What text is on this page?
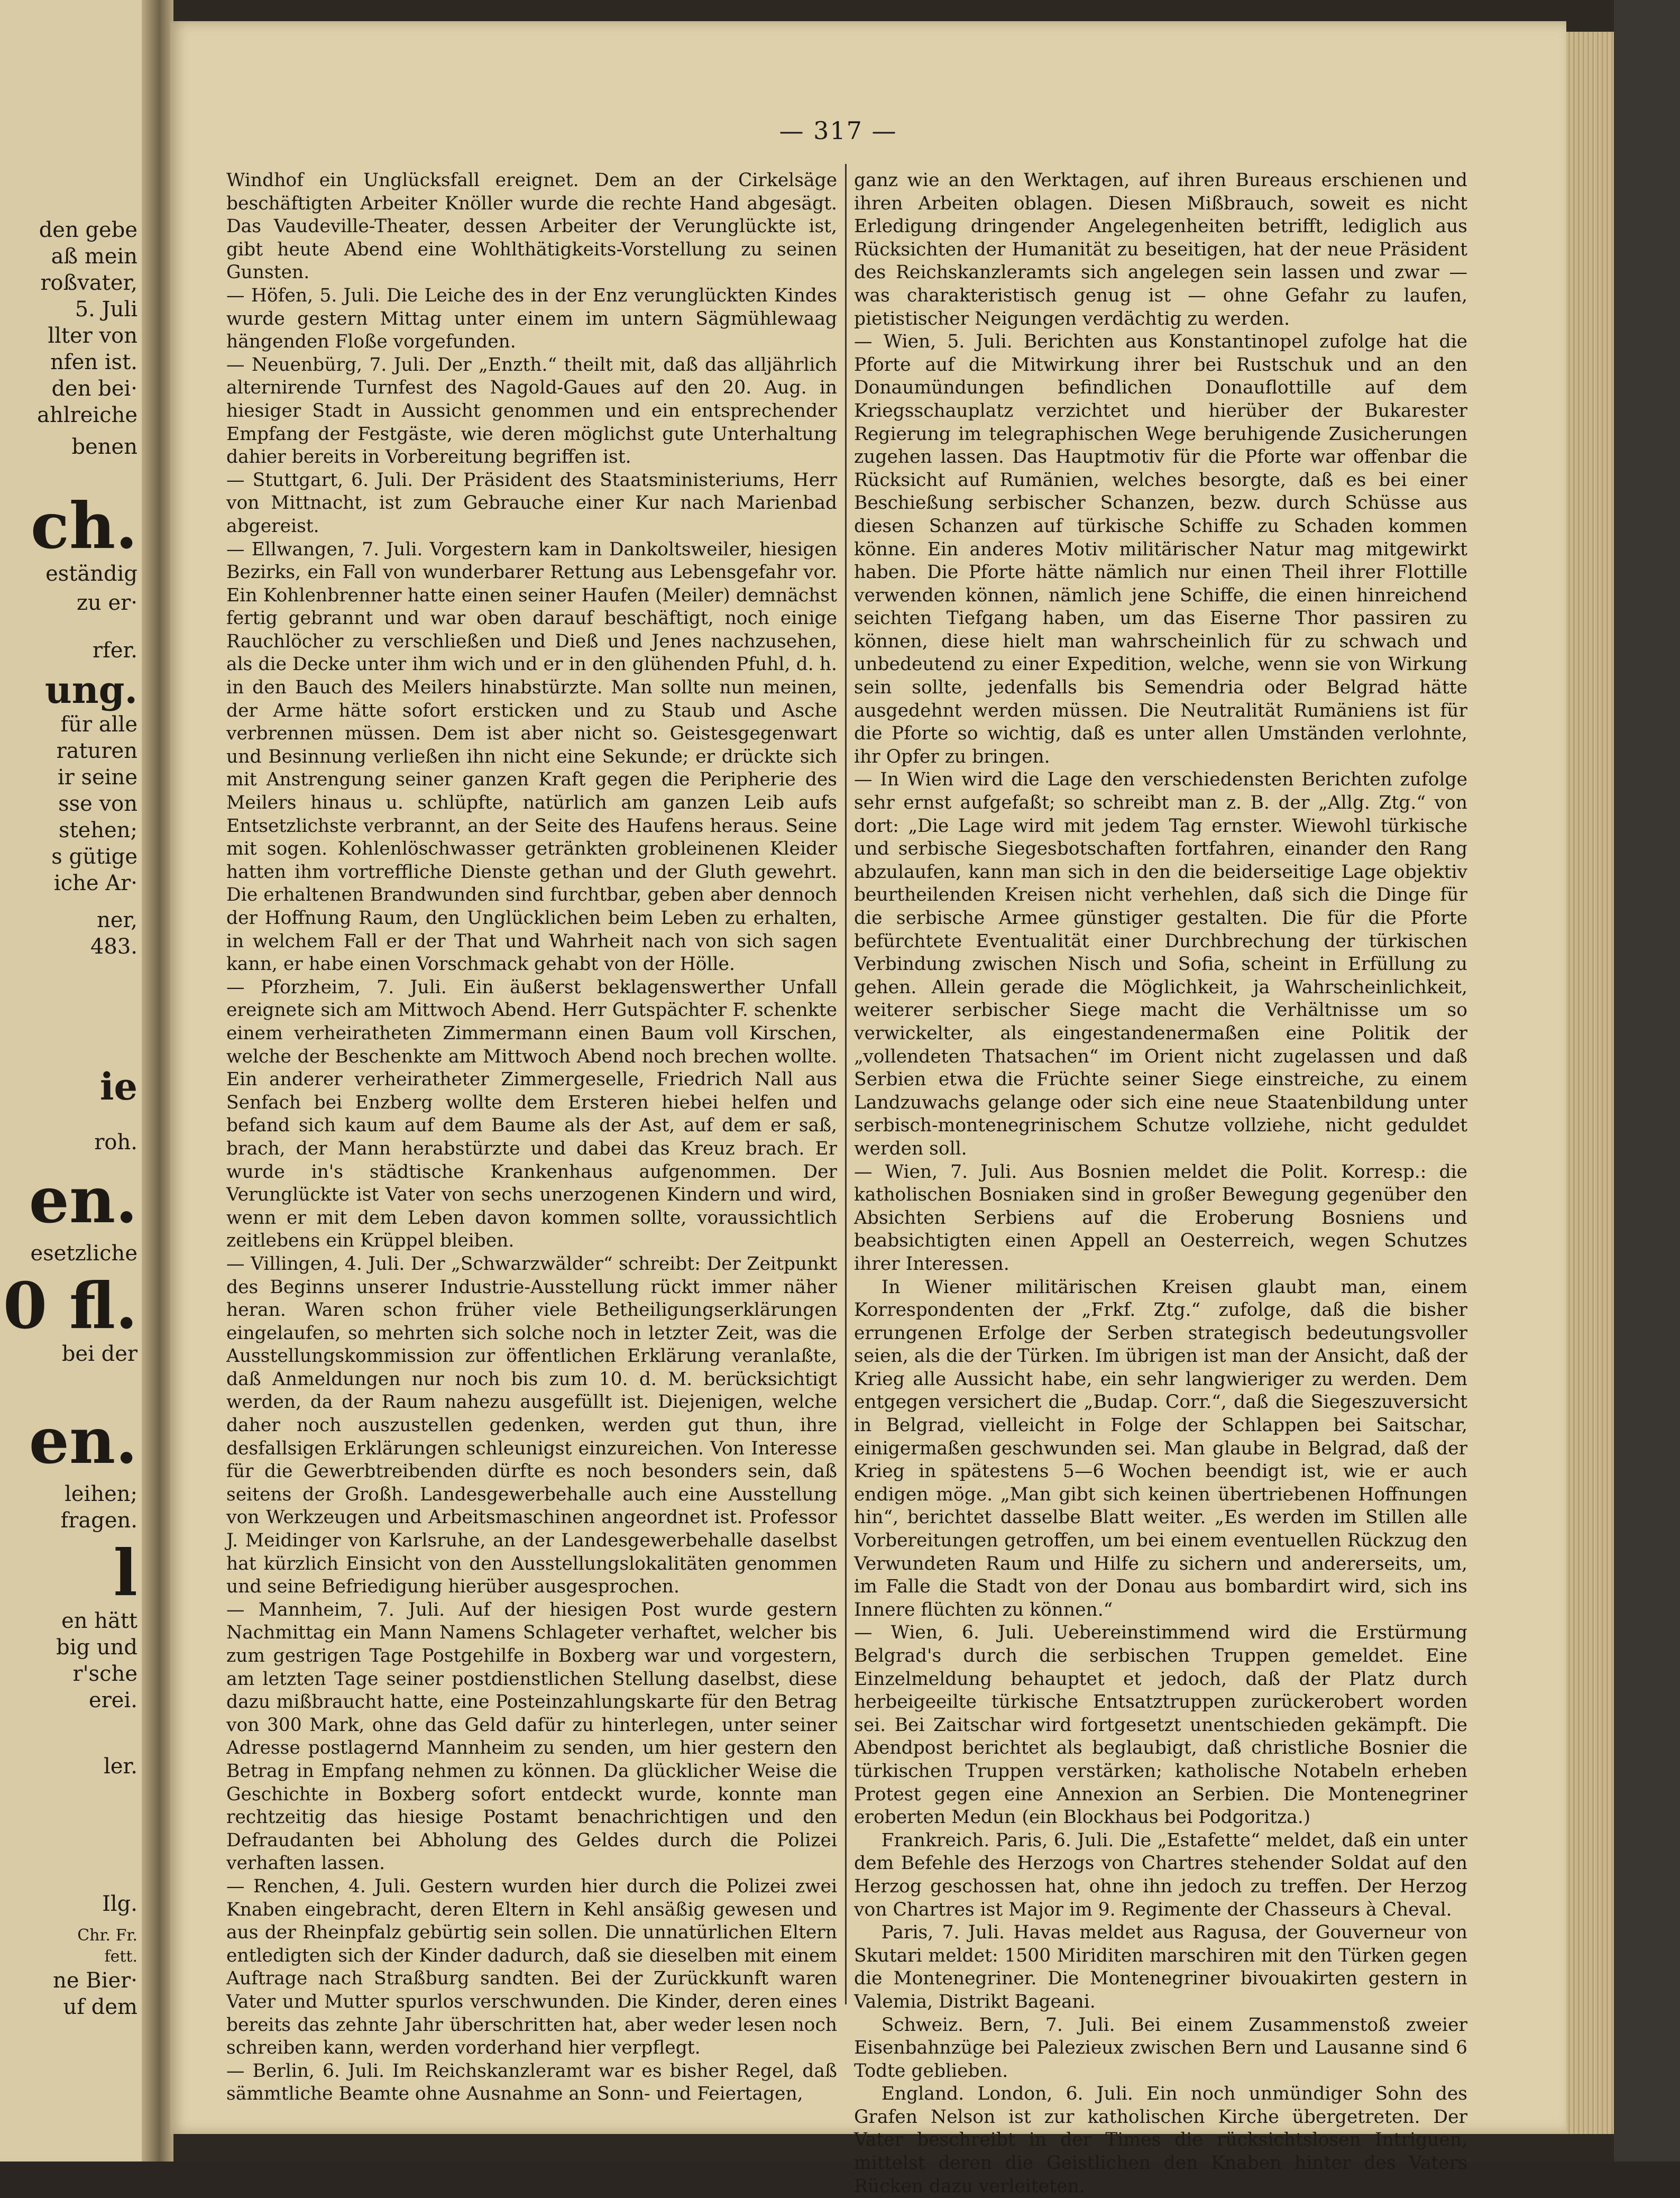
den gebe
aß mein
roßvater,
5. Juli
llter von
nfen ist.
den bei·
ahlreiche
benen
ch.
eständig
zu er·
rfer.
ung.
für alle
raturen
ir seine
sse von
stehen;
s gütige
iche Ar·
ner,
483.
ie
roh.
en.
esetzliche
0 fl.
bei der
en.
leihen;
fragen.
l
en hätt
big und
r'sche
erei.
ler.
Ilg.
Chr. Fr.
fett.
ne Bier·
uf dem
— 317 —

Windhof ein Unglücksfall ereignet. Dem an der Cirkelsäge beschäftigten Arbeiter Knöller wurde die rechte Hand abgesägt. Das Vaudeville-Theater, dessen Arbeiter der Verunglückte ist, gibt heute Abend eine Wohlthätigkeits-Vorstellung zu seinen Gunsten.

— Höfen, 5. Juli. Die Leiche des in der Enz verunglückten Kindes wurde gestern Mittag unter einem im untern Sägmühlewaag hängenden Floße vorgefunden.

— Neuenbürg, 7. Juli. Der „Enzth.“ theilt mit, daß das alljährlich alternirende Turnfest des Nagold-Gaues auf den 20. Aug. in hiesiger Stadt in Aussicht genommen und ein entsprechender Empfang der Festgäste, wie deren möglichst gute Unterhaltung dahier bereits in Vorbereitung begriffen ist.

— Stuttgart, 6. Juli. Der Präsident des Staatsministeriums, Herr von Mittnacht, ist zum Gebrauche einer Kur nach Marienbad abgereist.

— Ellwangen, 7. Juli. Vorgestern kam in Dankoltsweiler, hiesigen Bezirks, ein Fall von wunderbarer Rettung aus Lebensgefahr vor. Ein Kohlenbrenner hatte einen seiner Haufen (Meiler) demnächst fertig gebrannt und war oben darauf beschäftigt, noch einige Rauchlöcher zu verschließen und Dieß und Jenes nachzusehen, als die Decke unter ihm wich und er in den glühenden Pfuhl, d. h. in den Bauch des Meilers hinabstürzte. Man sollte nun meinen, der Arme hätte sofort ersticken und zu Staub und Asche verbrennen müssen. Dem ist aber nicht so. Geistesgegenwart und Besinnung verließen ihn nicht eine Sekunde; er drückte sich mit Anstrengung seiner ganzen Kraft gegen die Peripherie des Meilers hinaus u. schlüpfte, natürlich am ganzen Leib aufs Entsetzlichste verbrannt, an der Seite des Haufens heraus. Seine mit sogen. Kohlenlöschwasser getränkten grobleinenen Kleider hatten ihm vortreffliche Dienste gethan und der Gluth gewehrt. Die erhaltenen Brandwunden sind furchtbar, geben aber dennoch der Hoffnung Raum, den Unglücklichen beim Leben zu erhalten, in welchem Fall er der That und Wahrheit nach von sich sagen kann, er habe einen Vorschmack gehabt von der Hölle.

— Pforzheim, 7. Juli. Ein äußerst beklagenswerther Unfall ereignete sich am Mittwoch Abend. Herr Gutspächter F. schenkte einem verheiratheten Zimmermann einen Baum voll Kirschen, welche der Beschenkte am Mittwoch Abend noch brechen wollte. Ein anderer verheiratheter Zimmergeselle, Friedrich Nall aus Senfach bei Enzberg wollte dem Ersteren hiebei helfen und befand sich kaum auf dem Baume als der Ast, auf dem er saß, brach, der Mann herabstürzte und dabei das Kreuz brach. Er wurde in's städtische Krankenhaus aufgenommen. Der Verunglückte ist Vater von sechs unerzogenen Kindern und wird, wenn er mit dem Leben davon kommen sollte, voraussichtlich zeitlebens ein Krüppel bleiben.

— Villingen, 4. Juli. Der „Schwarzwälder“ schreibt: Der Zeitpunkt des Beginns unserer Industrie-Ausstellung rückt immer näher heran. Waren schon früher viele Betheiligungserklärungen eingelaufen, so mehrten sich solche noch in letzter Zeit, was die Ausstellungskommission zur öffentlichen Erklärung veranlaßte, daß Anmeldungen nur noch bis zum 10. d. M. berücksichtigt werden, da der Raum nahezu ausgefüllt ist. Diejenigen, welche daher noch auszustellen gedenken, werden gut thun, ihre desfallsigen Erklärungen schleunigst einzureichen. Von Interesse für die Gewerbtreibenden dürfte es noch besonders sein, daß seitens der Großh. Landesgewerbehalle auch eine Ausstellung von Werkzeugen und Arbeitsmaschinen angeordnet ist. Professor J. Meidinger von Karlsruhe, an der Landesgewerbehalle daselbst hat kürzlich Einsicht von den Ausstellungslokalitäten genommen und seine Befriedigung hierüber ausgesprochen.

— Mannheim, 7. Juli. Auf der hiesigen Post wurde gestern Nachmittag ein Mann Namens Schlageter verhaftet, welcher bis zum gestrigen Tage Postgehilfe in Boxberg war und vorgestern, am letzten Tage seiner postdienstlichen Stellung daselbst, diese dazu mißbraucht hatte, eine Posteinzahlungskarte für den Betrag von 300 Mark, ohne das Geld dafür zu hinterlegen, unter seiner Adresse postlagernd Mannheim zu senden, um hier gestern den Betrag in Empfang nehmen zu können. Da glücklicher Weise die Geschichte in Boxberg sofort entdeckt wurde, konnte man rechtzeitig das hiesige Postamt benachrichtigen und den Defraudanten bei Abholung des Geldes durch die Polizei verhaften lassen.

— Renchen, 4. Juli. Gestern wurden hier durch die Polizei zwei Knaben eingebracht, deren Eltern in Kehl ansäßig gewesen und aus der Rheinpfalz gebürtig sein sollen. Die unnatürlichen Eltern entledigten sich der Kinder dadurch, daß sie dieselben mit einem Auftrage nach Straßburg sandten. Bei der Zurückkunft waren Vater und Mutter spurlos verschwunden. Die Kinder, deren eines bereits das zehnte Jahr überschritten hat, aber weder lesen noch schreiben kann, werden vorderhand hier verpflegt.

— Berlin, 6. Juli. Im Reichskanzleramt war es bisher Regel, daß sämmtliche Beamte ohne Ausnahme an Sonn- und Feiertagen,

ganz wie an den Werktagen, auf ihren Bureaus erschienen und ihren Arbeiten oblagen. Diesen Mißbrauch, soweit es nicht Erledigung dringender Angelegenheiten betrifft, lediglich aus Rücksichten der Humanität zu beseitigen, hat der neue Präsident des Reichskanzleramts sich angelegen sein lassen und zwar — was charakteristisch genug ist — ohne Gefahr zu laufen, pietistischer Neigungen verdächtig zu werden.

— Wien, 5. Juli. Berichten aus Konstantinopel zufolge hat die Pforte auf die Mitwirkung ihrer bei Rustschuk und an den Donaumündungen befindlichen Donauflottille auf dem Kriegsschauplatz verzichtet und hierüber der Bukarester Regierung im telegraphischen Wege beruhigende Zusicherungen zugehen lassen. Das Hauptmotiv für die Pforte war offenbar die Rücksicht auf Rumänien, welches besorgte, daß es bei einer Beschießung serbischer Schanzen, bezw. durch Schüsse aus diesen Schanzen auf türkische Schiffe zu Schaden kommen könne. Ein anderes Motiv militärischer Natur mag mitgewirkt haben. Die Pforte hätte nämlich nur einen Theil ihrer Flottille verwenden können, nämlich jene Schiffe, die einen hinreichend seichten Tiefgang haben, um das Eiserne Thor passiren zu können, diese hielt man wahrscheinlich für zu schwach und unbedeutend zu einer Expedition, welche, wenn sie von Wirkung sein sollte, jedenfalls bis Semendria oder Belgrad hätte ausgedehnt werden müssen. Die Neutralität Rumäniens ist für die Pforte so wichtig, daß es unter allen Umständen verlohnte, ihr Opfer zu bringen.

— In Wien wird die Lage den verschiedensten Berichten zufolge sehr ernst aufgefaßt; so schreibt man z. B. der „Allg. Ztg.“ von dort: „Die Lage wird mit jedem Tag ernster. Wiewohl türkische und serbische Siegesbotschaften fortfahren, einander den Rang abzulaufen, kann man sich in den die beiderseitige Lage objektiv beurtheilenden Kreisen nicht verhehlen, daß sich die Dinge für die serbische Armee günstiger gestalten. Die für die Pforte befürchtete Eventualität einer Durchbrechung der türkischen Verbindung zwischen Nisch und Sofia, scheint in Erfüllung zu gehen. Allein gerade die Möglichkeit, ja Wahrscheinlichkeit, weiterer serbischer Siege macht die Verhältnisse um so verwickelter, als eingestandenermaßen eine Politik der „vollendeten Thatsachen“ im Orient nicht zugelassen und daß Serbien etwa die Früchte seiner Siege einstreiche, zu einem Landzuwachs gelange oder sich eine neue Staatenbildung unter serbisch-montenegrinischem Schutze vollziehe, nicht geduldet werden soll.

— Wien, 7. Juli. Aus Bosnien meldet die Polit. Korresp.: die katholischen Bosniaken sind in großer Bewegung gegenüber den Absichten Serbiens auf die Eroberung Bosniens und beabsichtigten einen Appell an Oesterreich, wegen Schutzes ihrer Interessen.

In Wiener militärischen Kreisen glaubt man, einem Korrespondenten der „Frkf. Ztg.“ zufolge, daß die bisher errungenen Erfolge der Serben strategisch bedeutungsvoller seien, als die der Türken. Im übrigen ist man der Ansicht, daß der Krieg alle Aussicht habe, ein sehr langwieriger zu werden. Dem entgegen versichert die „Budap. Corr.“, daß die Siegeszuversicht in Belgrad, vielleicht in Folge der Schlappen bei Saitschar, einigermaßen geschwunden sei. Man glaube in Belgrad, daß der Krieg in spätestens 5—6 Wochen beendigt ist, wie er auch endigen möge. „Man gibt sich keinen übertriebenen Hoffnungen hin“, berichtet dasselbe Blatt weiter. „Es werden im Stillen alle Vorbereitungen getroffen, um bei einem eventuellen Rückzug den Verwundeten Raum und Hilfe zu sichern und andererseits, um, im Falle die Stadt von der Donau aus bombardirt wird, sich ins Innere flüchten zu können.“

— Wien, 6. Juli. Uebereinstimmend wird die Erstürmung Belgrad's durch die serbischen Truppen gemeldet. Eine Einzelmeldung behauptet et jedoch, daß der Platz durch herbeigeeilte türkische Entsatztruppen zurückerobert worden sei. Bei Zaitschar wird fortgesetzt unentschieden gekämpft. Die Abendpost berichtet als beglaubigt, daß christliche Bosnier die türkischen Truppen verstärken; katholische Notabeln erheben Protest gegen eine Annexion an Serbien. Die Montenegriner eroberten Medun (ein Blockhaus bei Podgoritza.)

Frankreich. Paris, 6. Juli. Die „Estafette“ meldet, daß ein unter dem Befehle des Herzogs von Chartres stehender Soldat auf den Herzog geschossen hat, ohne ihn jedoch zu treffen. Der Herzog von Chartres ist Major im 9. Regimente der Chasseurs à Cheval.

Paris, 7. Juli. Havas meldet aus Ragusa, der Gouverneur von Skutari meldet: 1500 Miriditen marschiren mit den Türken gegen die Montenegriner. Die Montenegriner bivouakirten gestern in Valemia, Distrikt Bageani.

Schweiz. Bern, 7. Juli. Bei einem Zusammenstoß zweier Eisenbahnzüge bei Palezieux zwischen Bern und Lausanne sind 6 Todte geblieben.

England. London, 6. Juli. Ein noch unmündiger Sohn des Grafen Nelson ist zur katholischen Kirche übergetreten. Der Vater beschreibt in der Times die rücksichtslosen Intriguen, mittelst deren die Geistlichen den Knaben hinter des Vaters Rücken dazu verleiteten.
